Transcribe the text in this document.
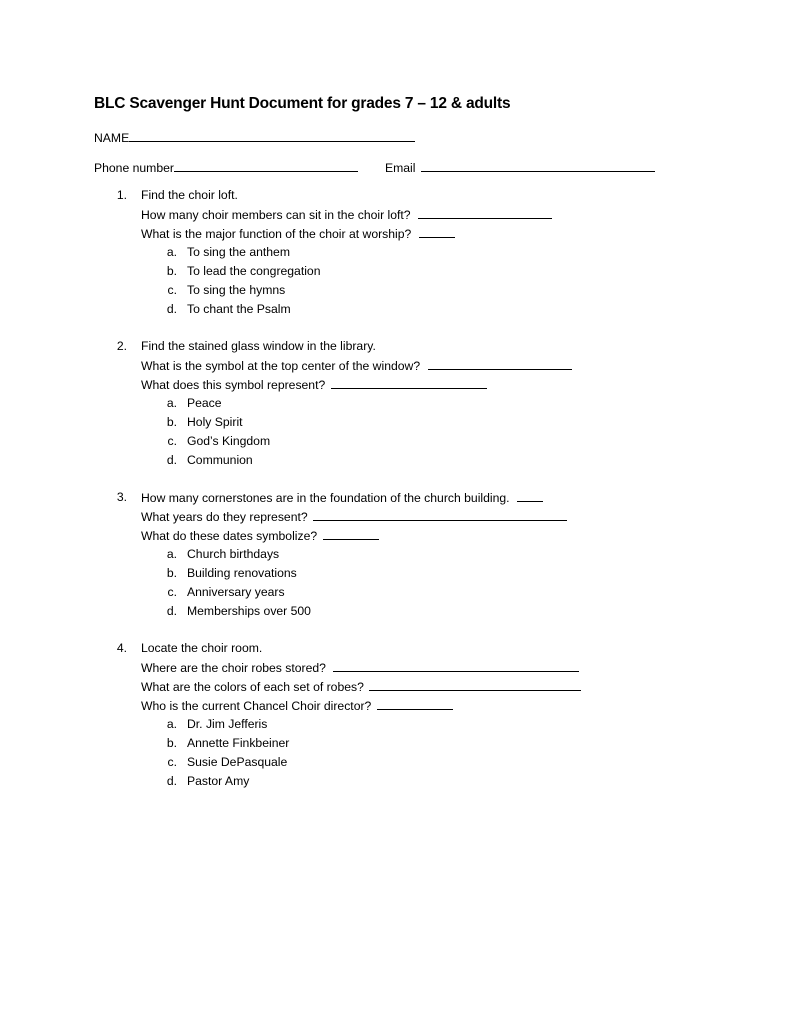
BLC Scavenger Hunt Document for grades 7 – 12 & adults
NAME
Phone number	Email
1. Find the choir loft.
How many choir members can sit in the choir loft?
What is the major function of the choir at worship?
a. To sing the anthem
b. To lead the congregation
c. To sing the hymns
d. To chant the Psalm
2. Find the stained glass window in the library.
What is the symbol at the top center of the window?
What does this symbol represent?
a. Peace
b. Holy Spirit
c. God’s Kingdom
d. Communion
3. How many cornerstones are in the foundation of the church building.
What years do they represent?
What do these dates symbolize?
a. Church birthdays
b. Building renovations
c. Anniversary years
d. Memberships over 500
4. Locate the choir room.
Where are the choir robes stored?
What are the colors of each set of robes?
Who is the current Chancel Choir director?
a. Dr. Jim Jefferis
b. Annette Finkbeiner
c. Susie DePasquale
d. Pastor Amy
